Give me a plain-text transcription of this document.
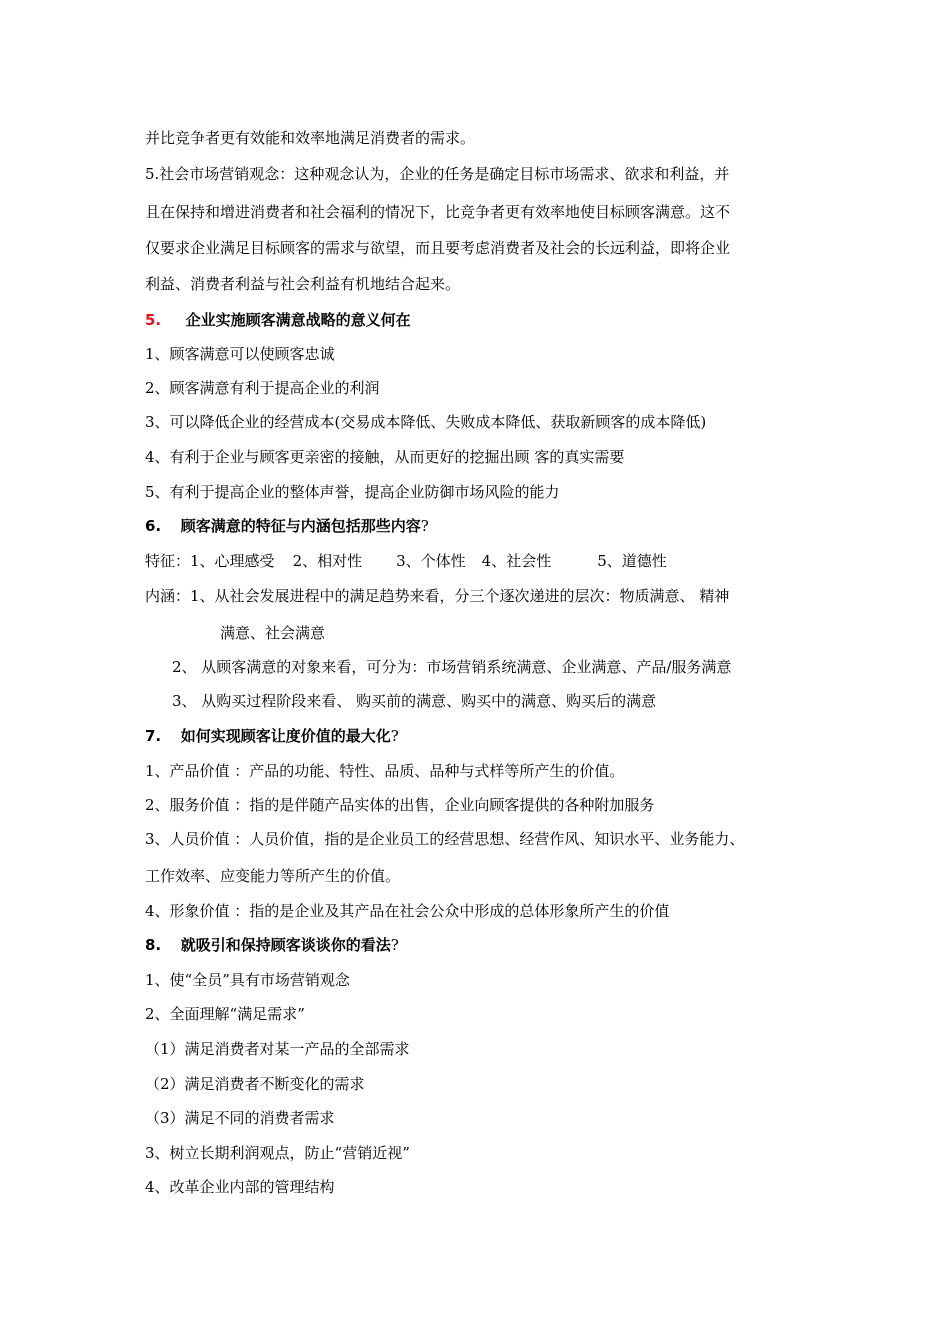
并比竞争者更有效能和效率地满足消费者的需求。
5.社会市场营销观念：这种观念认为，企业的任务是确定目标市场需求、欲求和利益，并
且在保持和增进消费者和社会福利的情况下，比竞争者更有效率地使目标顾客满意。这不
仅要求企业满足目标顾客的需求与欲望，而且要考虑消费者及社会的长远利益，即将企业
利益、消费者利益与社会利益有机地结合起来。
5. 企业实施顾客满意战略的意义何在
1、顾客满意可以使顾客忠诚
2、顾客满意有利于提高企业的利润
3、可以降低企业的经营成本(交易成本降低、失败成本降低、获取新顾客的成本降低)
4、有利于企业与顾客更亲密的接触，从而更好的挖掘出顾 客的真实需要
5、有利于提高企业的整体声誉，提高企业防御市场风险的能力
6. 顾客满意的特征与内涵包括那些内容?
特征：1、心理感受 2、相对性 3、个体性 4、社会性	5、道德性
内涵：1、从社会发展进程中的满足趋势来看，分三个逐次递进的层次：物质满意、 精神
满意、社会满意
2、 从顾客满意的对象来看，可分为：市场营销系统满意、企业满意、产品/服务满意
3、 从购买过程阶段来看、 购买前的满意、购买中的满意、购买后的满意
7. 如何实现顾客让度价值的最大化?
1、产品价值 ：产品的功能、特性、品质、品种与式样等所产生的价值。
2、服务价值 ：指的是伴随产品实体的出售，企业向顾客提供的各种附加服务
3、人员价值 ：人员价值，指的是企业员工的经营思想、经营作风、知识水平、业务能力、
工作效率、应变能力等所产生的价值。
4、形象价值 ：指的是企业及其产品在社会公众中形成的总体形象所产生的价值
8. 就吸引和保持顾客谈谈你的看法?
1、使“全员”具有市场营销观念
2、全面理解“满足需求”
（1）满足消费者对某一产品的全部需求
（2）满足消费者不断变化的需求
（3）满足不同的消费者需求
3、树立长期利润观点，防止“营销近视”
4、改革企业内部的管理结构
